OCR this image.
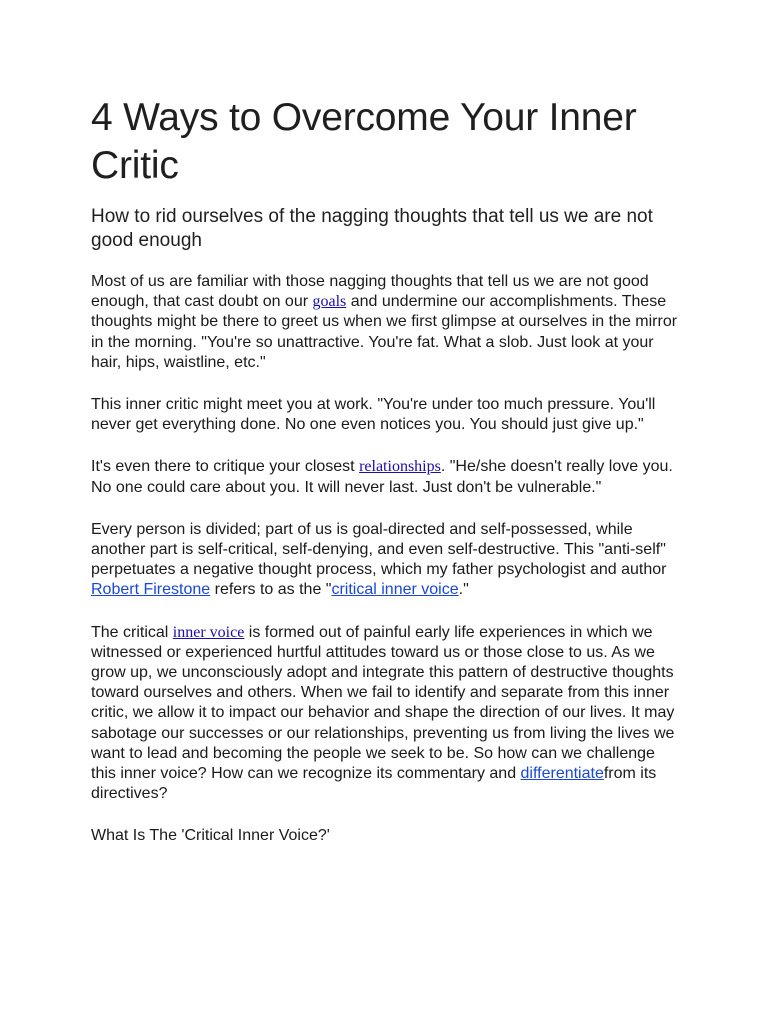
4 Ways to Overcome Your Inner Critic
How to rid ourselves of the nagging thoughts that tell us we are not good enough

Most of us are familiar with those nagging thoughts that tell us we are not good enough, that cast doubt on our goals and undermine our accomplishments. These thoughts might be there to greet us when we first glimpse at ourselves in the mirror in the morning. "You're so unattractive. You're fat. What a slob. Just look at your hair, hips, waistline, etc."

This inner critic might meet you at work. "You're under too much pressure. You'll never get everything done. No one even notices you. You should just give up."

It's even there to critique your closest relationships. "He/she doesn't really love you. No one could care about you. It will never last. Just don't be vulnerable."

Every person is divided; part of us is goal-directed and self-possessed, while another part is self-critical, self-denying, and even self-destructive. This "anti-self" perpetuates a negative thought process, which my father psychologist and author Robert Firestone refers to as the "critical inner voice."

The critical inner voice is formed out of painful early life experiences in which we witnessed or experienced hurtful attitudes toward us or those close to us. As we grow up, we unconsciously adopt and integrate this pattern of destructive thoughts toward ourselves and others. When we fail to identify and separate from this inner critic, we allow it to impact our behavior and shape the direction of our lives. It may sabotage our successes or our relationships, preventing us from living the lives we want to lead and becoming the people we seek to be. So how can we challenge this inner voice? How can we recognize its commentary and differentiatefrom its directives?

What Is The 'Critical Inner Voice?'
